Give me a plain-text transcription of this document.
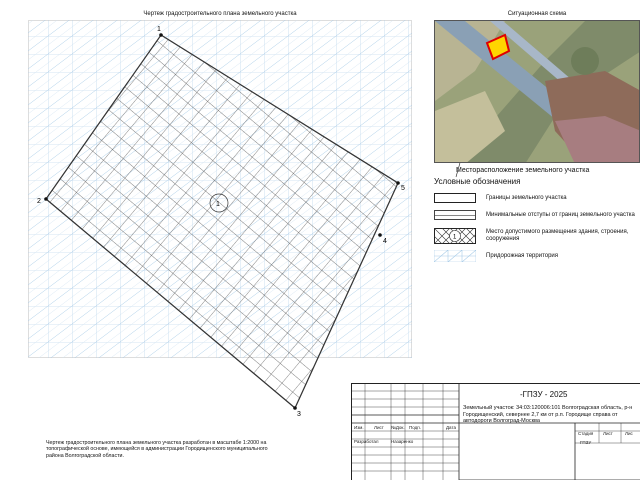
Чертеж градостроительного плана земельного участка
1
1
2
3
4
5
Ситуационная схема
Месторасположение земельного участка
Условные обозначения
Границы земельного участка
Минимальные отступы от границ земельного участка
1
Место допустимого размещения здания, строения, сооружения
Придорожная территория
Чертеж градостроительного плана земельного участка разработан в масштабе 1:2000 на топографической основе, имеющейся в администрации Городищенского муниципального района Волгоградской области.
-ГПЗУ - 2025
Земельный участок: 34:03:120006:101 Волгоградская область, р-н Городищенский, севернее 2,7 км от р.п. Городище справа от автодороги Волгоград-Москва
Изм. Лист №Док. Подп.	Дата
Разработал	Назаренко
Стадия Лист	Лис
ГПЗУ
